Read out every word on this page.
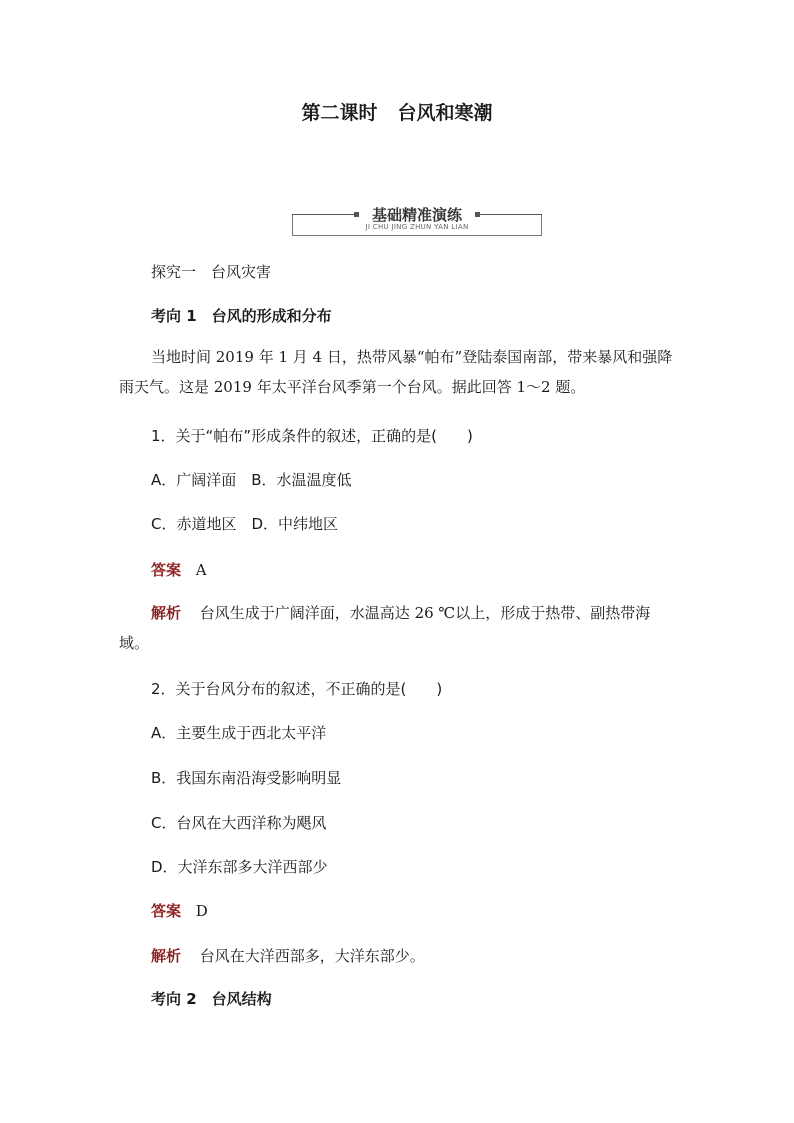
第二课时 台风和寒潮
基础精准演练
JI CHU JING ZHUN YAN LIAN
探究一　台风灾害
考向 1　台风的形成和分布
当地时间 2019 年 1 月 4 日，热带风暴“帕布”登陆泰国南部，带来暴风和强降雨天气。这是 2019 年太平洋台风季第一个台风。据此回答 1～2 题。
1．关于“帕布”形成条件的叙述，正确的是(　　)
A．广阔洋面　B．水温温度低
C．赤道地区　D．中纬地区
答案 A
解析 台风生成于广阔洋面，水温高达 26 ℃以上，形成于热带、副热带海
域。
2．关于台风分布的叙述，不正确的是(　　)
A．主要生成于西北太平洋
B．我国东南沿海受影响明显
C．台风在大西洋称为飓风
D．大洋东部多大洋西部少
答案 D
解析 台风在大洋西部多，大洋东部少。
考向 2　台风结构
